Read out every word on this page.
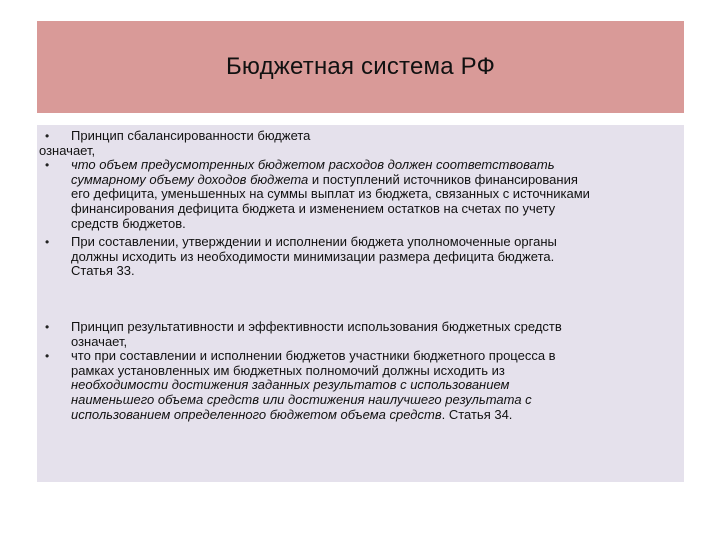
Бюджетная система РФ
•	Принцип сбалансированности бюджета
означает,
•	что объем предусмотренных бюджетом расходов должен соответствовать
суммарному объему доходов бюджета и поступлений источников финансирования
его дефицита, уменьшенных на суммы выплат из бюджета, связанных с источниками
финансирования дефицита бюджета и изменением остатков на счетах по учету
средств бюджетов.
•	При составлении, утверждении и исполнении бюджета уполномоченные органы
должны исходить из необходимости минимизации размера дефицита бюджета.
Статья 33.
•	Принцип результативности и эффективности использования бюджетных средств
означает,
•	что при составлении и исполнении бюджетов участники бюджетного процесса в
рамках установленных им бюджетных полномочий должны исходить из
необходимости достижения заданных результатов с использованием
наименьшего объема средств или достижения наилучшего результата с
использованием определенного бюджетом объема средств. Статья 34.
